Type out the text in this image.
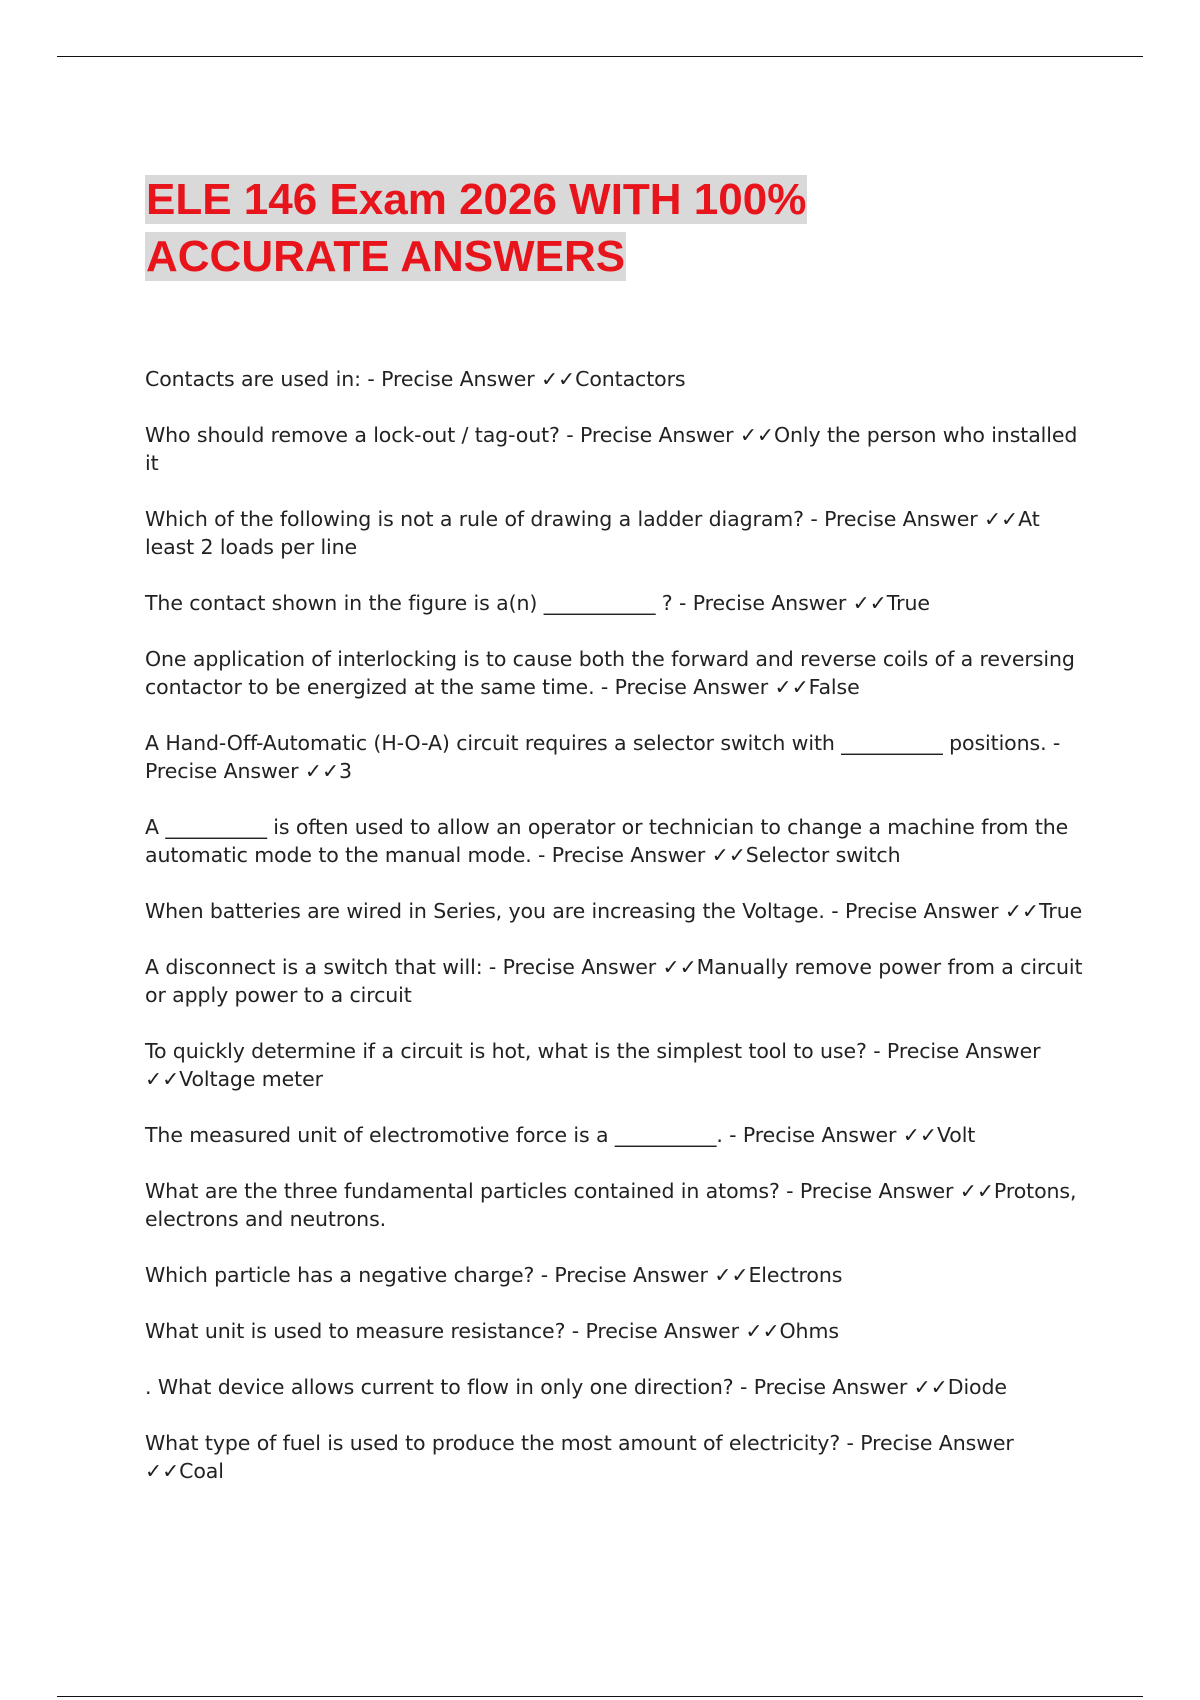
ELE 146 Exam 2026 WITH 100%
ACCURATE ANSWERS
Contacts are used in: - Precise Answer ✓✓Contactors
Who should remove a lock-out / tag-out? - Precise Answer ✓✓Only the person who installed it
Which of the following is not a rule of drawing a ladder diagram? - Precise Answer ✓✓At least 2 loads per line
The contact shown in the figure is a(n) ___________ ? - Precise Answer ✓✓True
One application of interlocking is to cause both the forward and reverse coils of a reversing contactor to be energized at the same time. - Precise Answer ✓✓False
A Hand-Off-Automatic (H-O-A) circuit requires a selector switch with __________ positions. - Precise Answer ✓✓3
A __________ is often used to allow an operator or technician to change a machine from the automatic mode to the manual mode. - Precise Answer ✓✓Selector switch
When batteries are wired in Series, you are increasing the Voltage. - Precise Answer ✓✓True
A disconnect is a switch that will: - Precise Answer ✓✓Manually remove power from a circuit or apply power to a circuit
To quickly determine if a circuit is hot, what is the simplest tool to use? - Precise Answer ✓✓Voltage meter
The measured unit of electromotive force is a __________. - Precise Answer ✓✓Volt
What are the three fundamental particles contained in atoms? - Precise Answer ✓✓Protons, electrons and neutrons.
Which particle has a negative charge? - Precise Answer ✓✓Electrons
What unit is used to measure resistance? - Precise Answer ✓✓Ohms
. What device allows current to flow in only one direction? - Precise Answer ✓✓Diode
What type of fuel is used to produce the most amount of electricity? - Precise Answer ✓✓Coal
